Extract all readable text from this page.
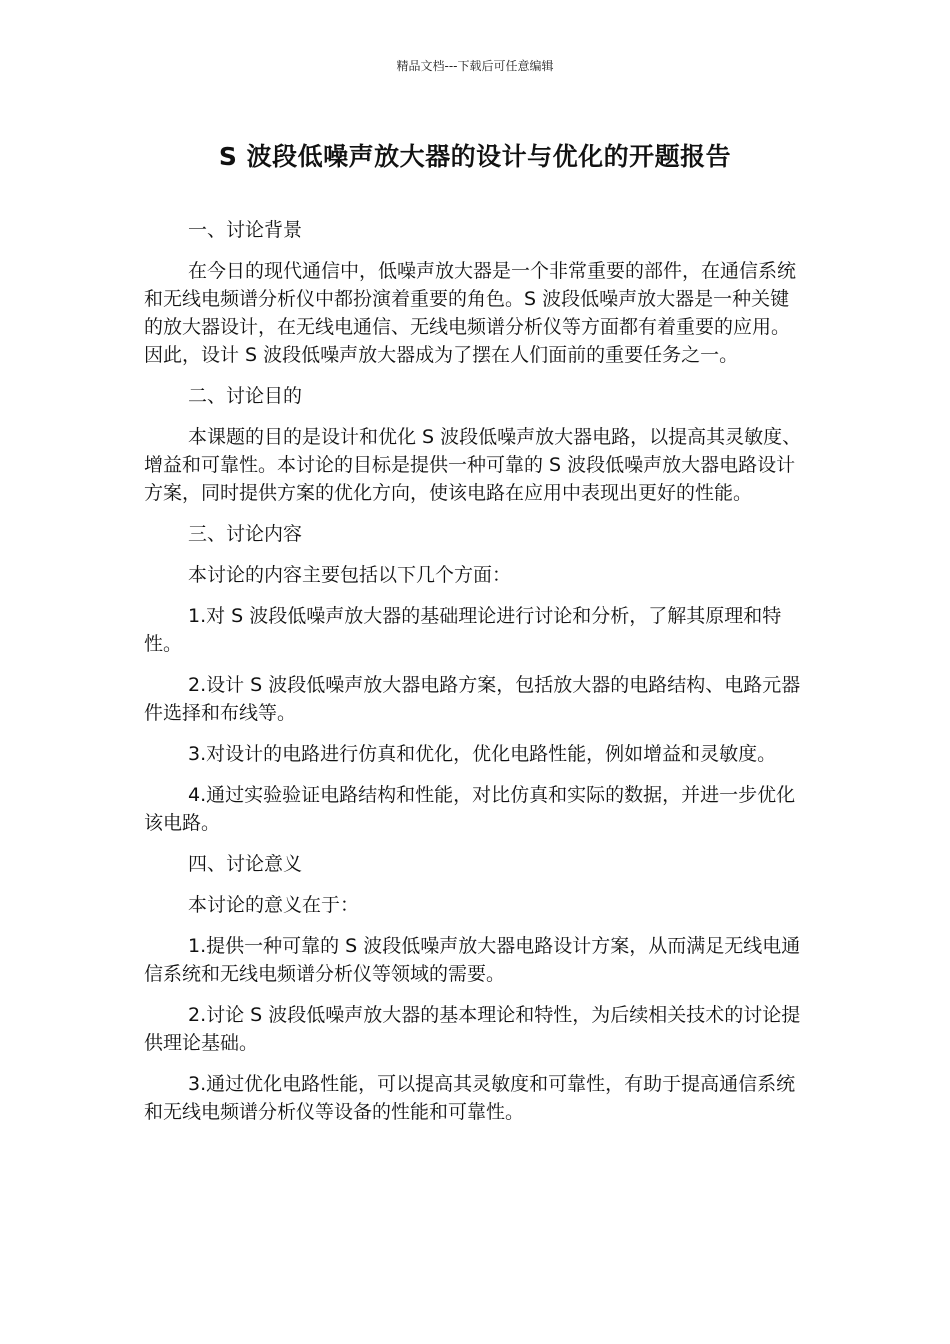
精品文档---下载后可任意编辑
S 波段低噪声放大器的设计与优化的开题报告

一、讨论背景

在今日的现代通信中，低噪声放大器是一个非常重要的部件，在通信系统和无线电频谱分析仪中都扮演着重要的角色。S 波段低噪声放大器是一种关键的放大器设计，在无线电通信、无线电频谱分析仪等方面都有着重要的应用。因此，设计 S 波段低噪声放大器成为了摆在人们面前的重要任务之一。

二、讨论目的

本课题的目的是设计和优化 S 波段低噪声放大器电路，以提高其灵敏度、增益和可靠性。本讨论的目标是提供一种可靠的 S 波段低噪声放大器电路设计方案，同时提供方案的优化方向，使该电路在应用中表现出更好的性能。

三、讨论内容

本讨论的内容主要包括以下几个方面：

1.对 S 波段低噪声放大器的基础理论进行讨论和分析，了解其原理和特性。

2.设计 S 波段低噪声放大器电路方案，包括放大器的电路结构、电路元器件选择和布线等。

3.对设计的电路进行仿真和优化，优化电路性能，例如增益和灵敏度。

4.通过实验验证电路结构和性能，对比仿真和实际的数据，并进一步优化该电路。

四、讨论意义

本讨论的意义在于：

1.提供一种可靠的 S 波段低噪声放大器电路设计方案，从而满足无线电通信系统和无线电频谱分析仪等领域的需要。

2.讨论 S 波段低噪声放大器的基本理论和特性，为后续相关技术的讨论提供理论基础。

3.通过优化电路性能，可以提高其灵敏度和可靠性，有助于提高通信系统和无线电频谱分析仪等设备的性能和可靠性。
